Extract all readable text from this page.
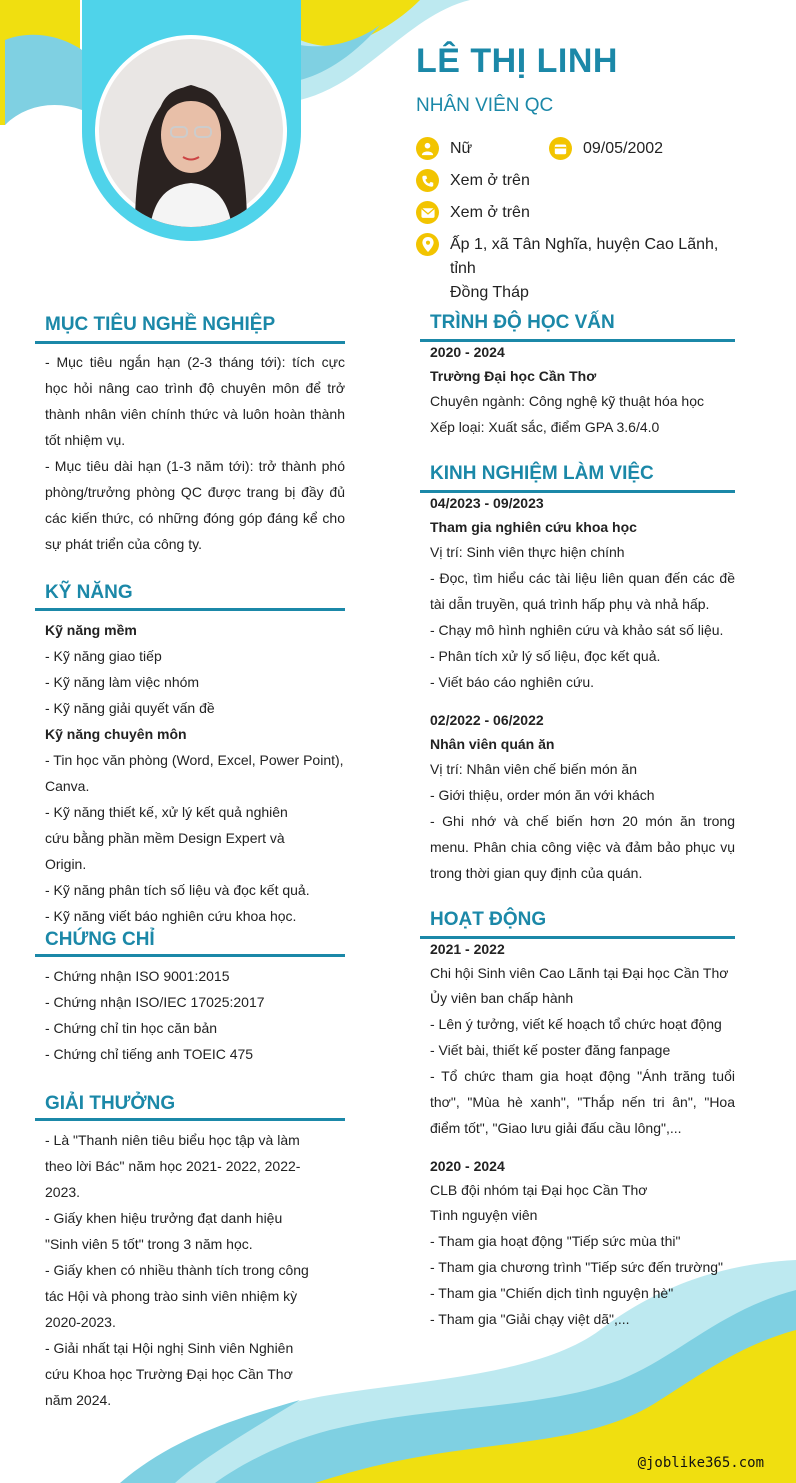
LÊ THỊ LINH
NHÂN VIÊN QC
Nữ	09/05/2002
Xem ở trên
Xem ở trên
Ấp 1, xã Tân Nghĩa, huyện Cao Lãnh, tỉnh
Đồng Tháp
MỤC TIÊU NGHỀ NGHIỆP

- Mục tiêu ngắn hạn (2-3 tháng tới): tích cực học hỏi nâng cao trình độ chuyên môn để trở thành nhân viên chính thức và luôn hoàn thành tốt nhiệm vụ.

- Mục tiêu dài hạn (1-3 năm tới): trở thành phó phòng/trưởng phòng QC được trang bị đầy đủ các kiến thức, có những đóng góp đáng kể cho sự phát triển của công ty.

KỸ NĂNG

Kỹ năng mềm

- Kỹ năng giao tiếp

- Kỹ năng làm việc nhóm

- Kỹ năng giải quyết vấn đề

Kỹ năng chuyên môn

- Tin học văn phòng (Word, Excel, Power Point), Canva.

- Kỹ năng thiết kế, xử lý kết quả nghiên cứu bằng phần mềm Design Expert và Origin.

- Kỹ năng phân tích số liệu và đọc kết quả.

- Kỹ năng viết báo nghiên cứu khoa học.

CHỨNG CHỈ

- Chứng nhận ISO 9001:2015

- Chứng nhận ISO/IEC 17025:2017

- Chứng chỉ tin học căn bản

- Chứng chỉ tiếng anh TOEIC 475

GIẢI THƯỞNG

- Là "Thanh niên tiêu biểu học tập và làm theo lời Bác" năm học 2021- 2022, 2022-2023.

- Giấy khen hiệu trưởng đạt danh hiệu "Sinh viên 5 tốt" trong 3 năm học.

- Giấy khen có nhiều thành tích trong công tác Hội và phong trào sinh viên nhiệm kỳ 2020-2023.

- Giải nhất tại Hội nghị Sinh viên Nghiên cứu Khoa học Trường Đại học Cần Thơ năm 2024.

TRÌNH ĐỘ HỌC VẤN

2020 - 2024

Trường Đại học Cần Thơ

Chuyên ngành: Công nghệ kỹ thuật hóa học

Xếp loại: Xuất sắc, điểm GPA 3.6/4.0

KINH NGHIỆM LÀM VIỆC

04/2023 - 09/2023

Tham gia nghiên cứu khoa học

Vị trí: Sinh viên thực hiện chính

- Đọc, tìm hiểu các tài liệu liên quan đến các đề tài dẫn truyền, quá trình hấp phụ và nhả hấp.

- Chạy mô hình nghiên cứu và khảo sát số liệu.

- Phân tích xử lý số liệu, đọc kết quả.

- Viết báo cáo nghiên cứu.

02/2022 - 06/2022

Nhân viên quán ăn

Vị trí: Nhân viên chế biến món ăn

- Giới thiệu, order món ăn với khách

- Ghi nhớ và chế biến hơn 20 món ăn trong menu. Phân chia công việc và đảm bảo phục vụ trong thời gian quy định của quán.

HOẠT ĐỘNG

2021 - 2022

Chi hội Sinh viên Cao Lãnh tại Đại học Cần Thơ

Ủy viên ban chấp hành

- Lên ý tưởng, viết kế hoạch tổ chức hoạt động

- Viết bài, thiết kế poster đăng fanpage

- Tổ chức tham gia hoạt động "Ánh trăng tuổi thơ", "Mùa hè xanh", "Thắp nến tri ân", "Hoa điểm tốt", "Giao lưu giải đấu cầu lông",...

2020 - 2024

CLB đội nhóm tại Đại học Cần Thơ

Tình nguyện viên

- Tham gia hoạt động "Tiếp sức mùa thi"

- Tham gia chương trình "Tiếp sức đến trường"

- Tham gia "Chiến dịch tình nguyện hè"

- Tham gia "Giải chạy việt dã",...

@joblike365.com
